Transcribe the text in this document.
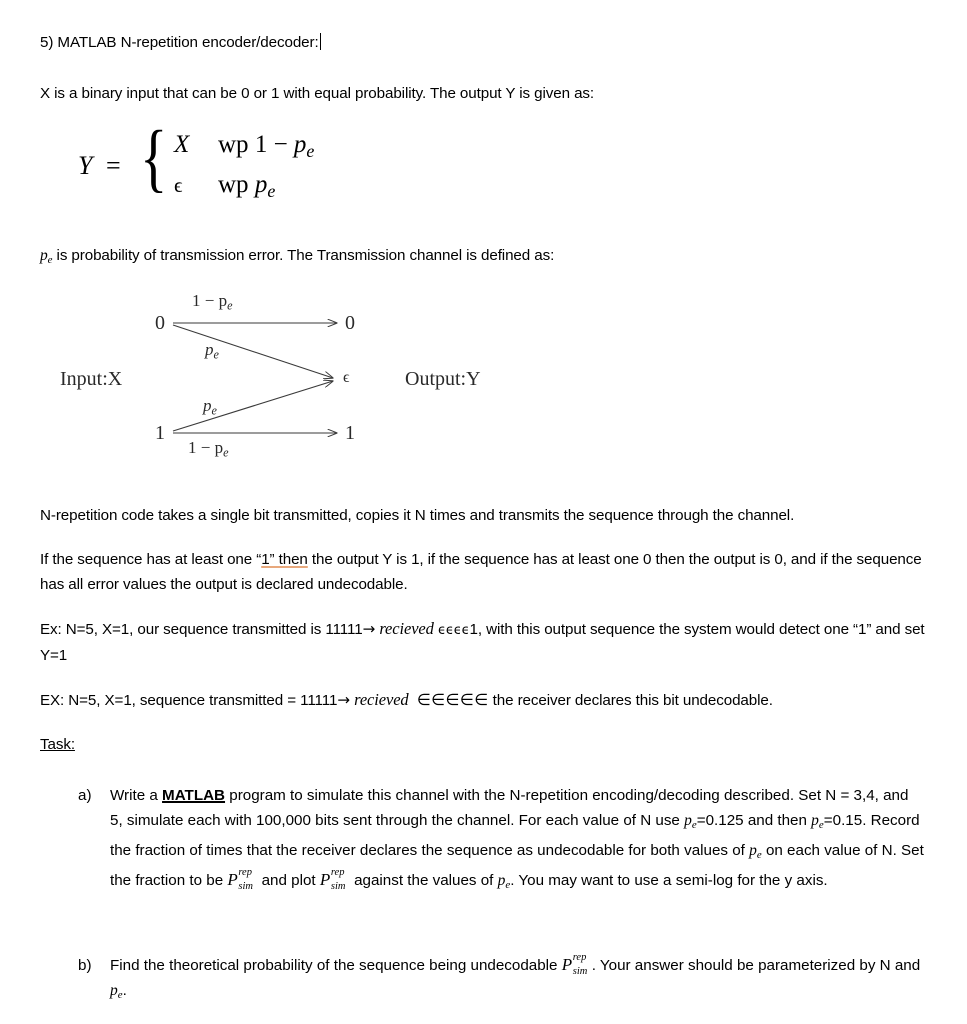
5) MATLAB N-repetition encoder/decoder:

X is a binary input that can be 0 or 1 with equal probability. The output Y is given as:

Y = { X wp $1 - p_e$
ϵ wp $p_e$

$p_e$ is probability of transmission error. The Transmission channel is defined as:

0
1
0
ϵ
1
$1 - p_e$
$p_e$
$p_e$
$1 - p_e$
Input:X	Output:Y

N-repetition code takes a single bit transmitted, copies it N times and transmits the sequence through the channel.

If the sequence has at least one “1” then the output Y is 1, if the sequence has at least one 0 then the output is 0, and if the sequence has all error values the output is declared undecodable.

Ex: N=5, X=1, our sequence transmitted is 11111→ recieved ϵϵϵϵ1, with this output sequence the system would detect one “1” and set Y=1

EX: N=5, X=1, sequence transmitted = 11111→ recieved ∈∈∈∈∈ the receiver declares this bit undecodable.

Task:

a) Write a MATLAB program to simulate this channel with the N-repetition encoding/decoding described. Set N = 3,4, and 5, simulate each with 100,000 bits sent through the channel. For each value of N use $p_e=0.125$ and then $p_e=0.15$. Record the fraction of times that the receiver declares the sequence as undecodable for both values of $p_e$ on each value of N. Set the fraction to be P rep
sim and plot P rep
sim against the values of $p_e$. You may want to use a semi-log for the y axis.
b) Find the theoretical probability of the sequence being undecodable P rep
sim . Your answer should be parameterized by N and $p_e$.
